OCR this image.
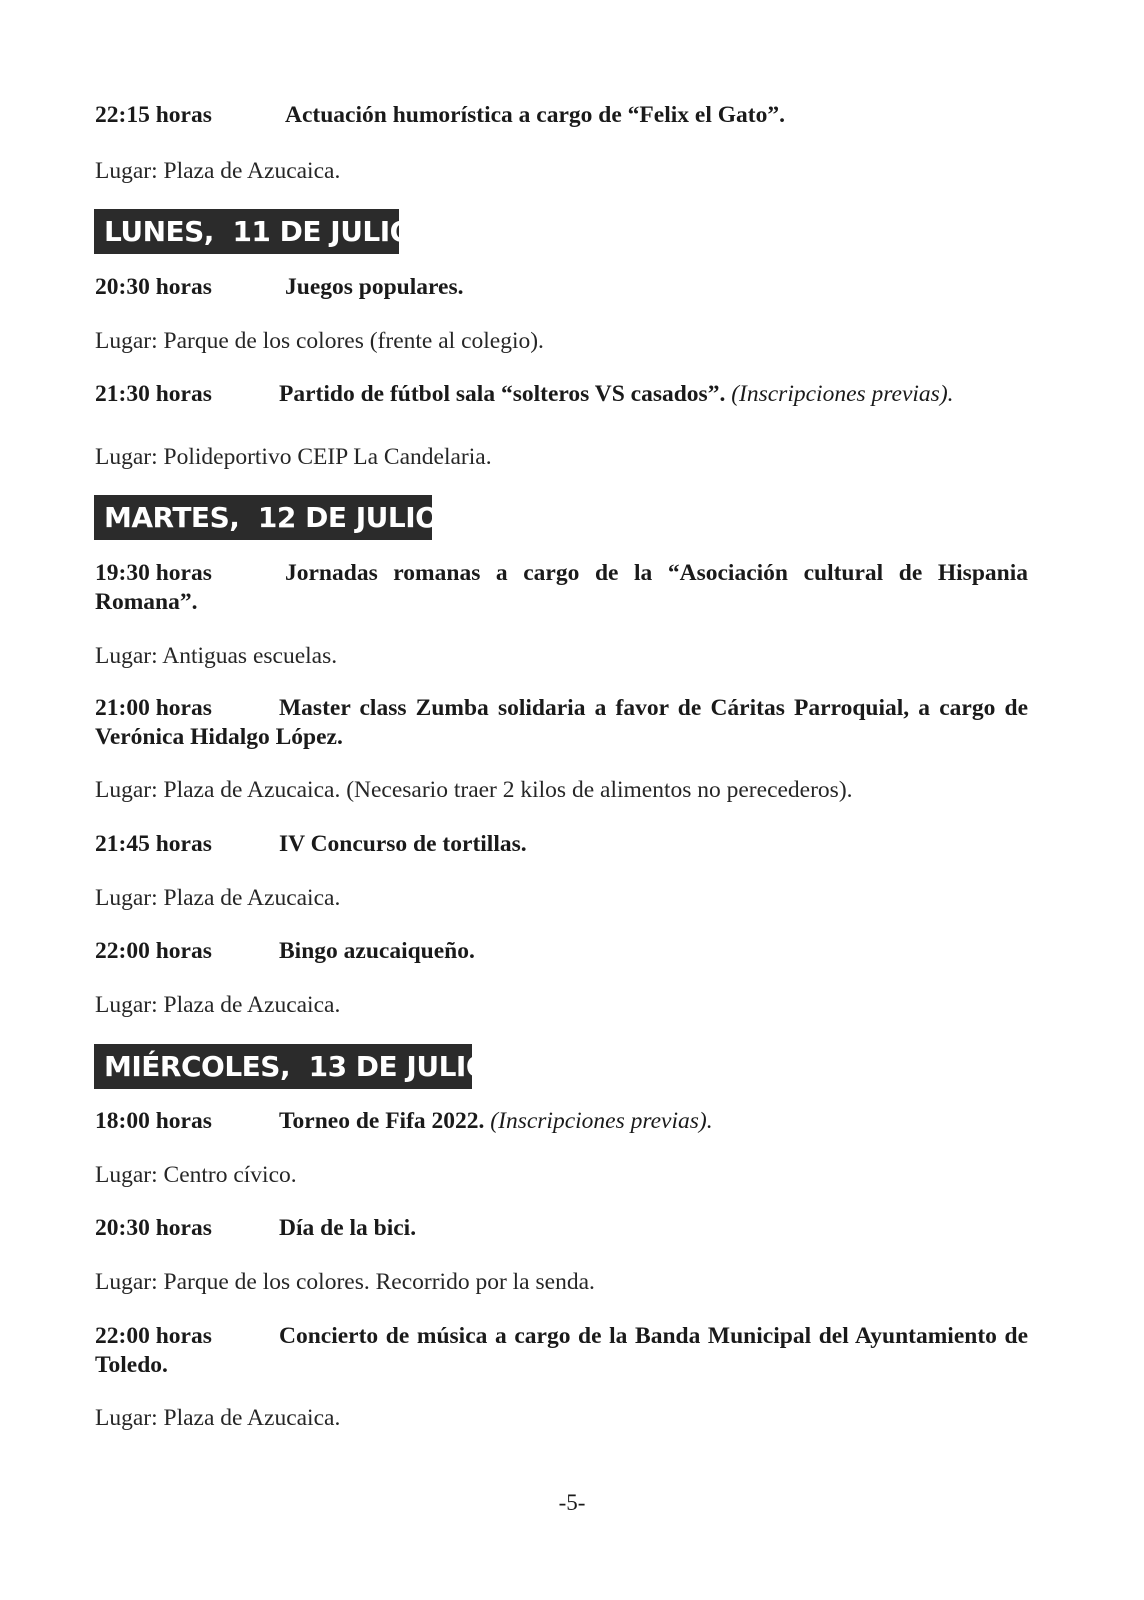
22:15 horas	Actuación humorística a cargo de “Felix el Gato”.
Lugar: Plaza de Azucaica.
LUNES,  11 DE JULIO
20:30 horas	Juegos populares.
Lugar: Parque de los colores (frente al colegio).
21:30 horas	Partido de fútbol sala “solteros VS casados”. (Inscripciones previas).
Lugar: Polideportivo CEIP La Candelaria.
MARTES,  12 DE JULIO
19:30 horas	Jornadas romanas a cargo de la “Asociación cultural de Hispania Romana”.
Lugar: Antiguas escuelas.
21:00 horas	Master class Zumba solidaria a favor de Cáritas Parroquial, a cargo de Verónica Hidalgo López.
Lugar: Plaza de Azucaica. (Necesario traer 2 kilos de alimentos no perecederos).
21:45 horas	IV Concurso de tortillas.
Lugar: Plaza de Azucaica.
22:00 horas	Bingo azucaiqueño.
Lugar: Plaza de Azucaica.
MIÉRCOLES,  13 DE JULIO
18:00 horas	Torneo de Fifa 2022. (Inscripciones previas).
Lugar: Centro cívico.
20:30 horas	Día de la bici.
Lugar: Parque de los colores. Recorrido por la senda.
22:00 horas	Concierto de música a cargo de la Banda Municipal del Ayuntamiento de Toledo.
Lugar: Plaza de Azucaica.
-5-
